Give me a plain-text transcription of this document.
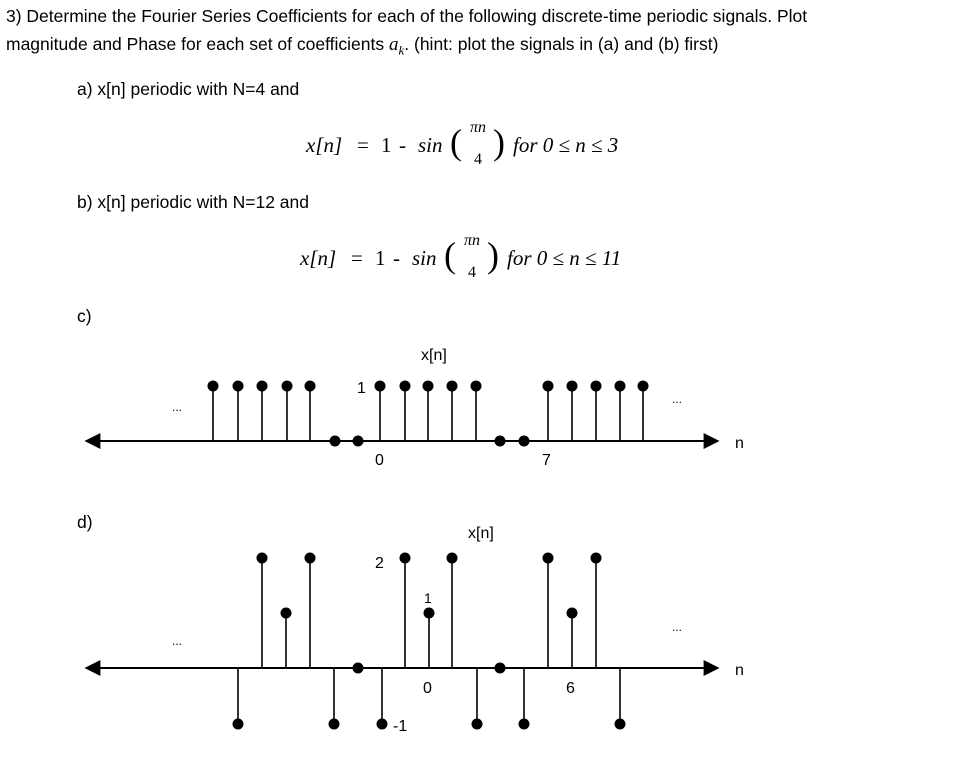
3) Determine the Fourier Series Coefficients for each of the following discrete-time periodic signals. Plot
magnitude and Phase for each set of coefficients $a_k$. (hint: plot the signals in (a) and (b) first)
a) x[n] periodic with N=4 and
x[n] = 1 - sin ( πn
4 ) for 0 ≤ n ≤ 3
b) x[n] periodic with N=12 and
x[n] = 1 - sin ( πn
4 ) for 0 ≤ n ≤ 11
c)
x[n]
1
0	7
n
...
...
d)
x[n]
2
1
-1
0	6
n
...
...
